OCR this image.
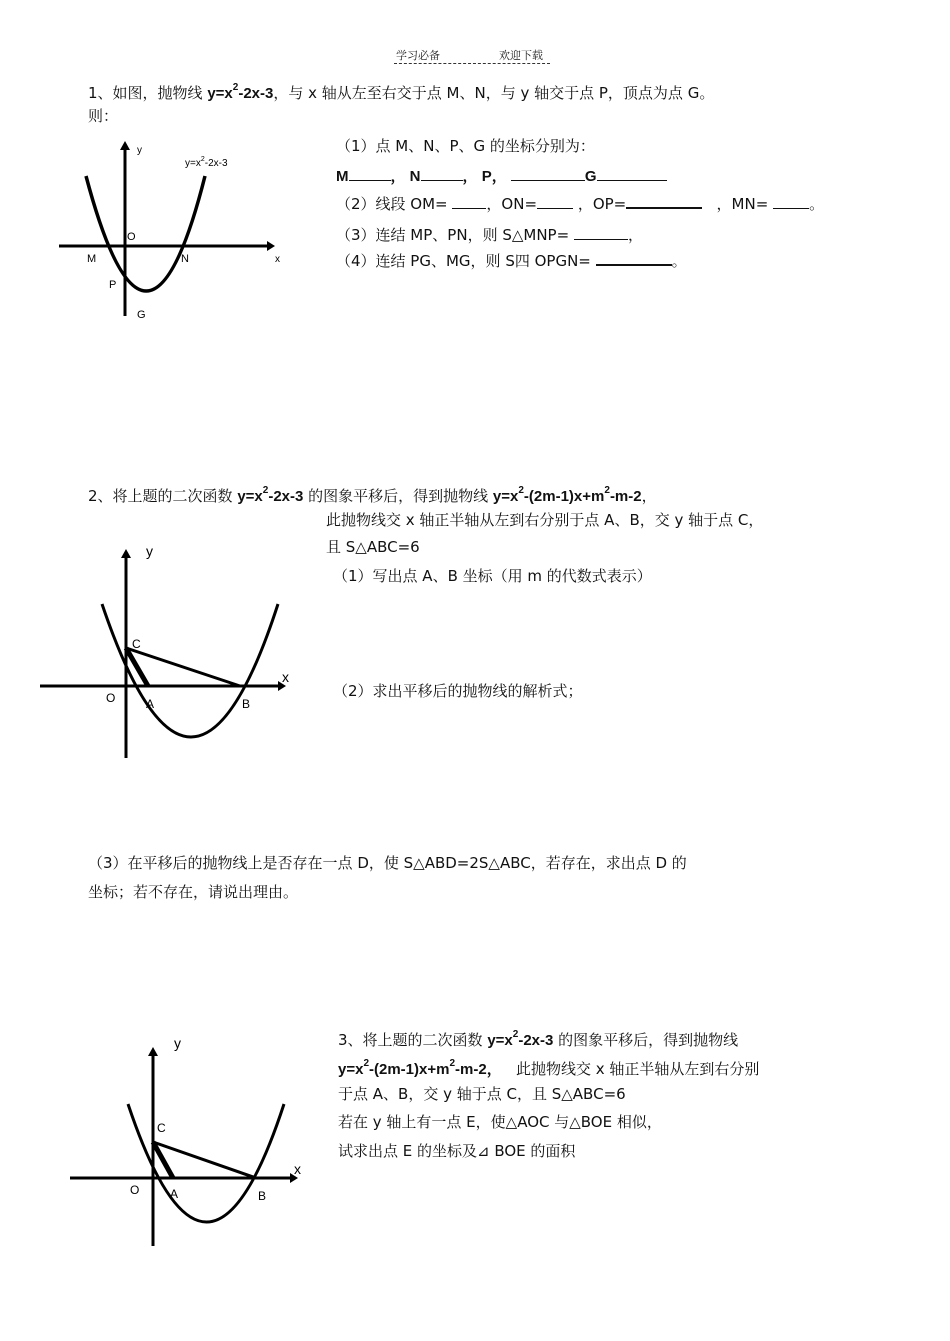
学习必备	欢迎下载
1、如图，抛物线 $y=x^2-2x-3$，与 x 轴从左至右交于点 M、N，与 y 轴交于点 P，顶点为点 G。
则：
（1）点 M、N、P、G 的坐标分别为：
M	， N	， P，	G
（2）线段 OM=	，ON=	，OP=	，MN=	。
（3）连结 MP、PN，则 S△MNP=	，
（4）连结 PG、MG，则 S四 OPGN=	。
y
x
O
M	N
P
G
$y=x^2-2x-3$
2、将上题的二次函数 $y=x^2-2x-3$ 的图象平移后，得到抛物线 $y=x^2-(2m-1)x+m^2-m-2$，
此抛物线交 x 轴正半轴从左到右分别于点 A、B，交 y 轴于点 C，
且 S△ABC=6
（1）写出点 A、B 坐标（用 m 的代数式表示）
（2）求出平移后的抛物线的解析式；
（3）在平移后的抛物线上是否存在一点 D，使 S△ABD=2S△ABC，若存在，求出点 D 的
坐标；若不存在，请说出理由。
y
x
O	A	B
C
3、将上题的二次函数 $y=x^2-2x-3$ 的图象平移后，得到抛物线
$y=x^2-(2m-1)x+m^2-m-2$， 此抛物线交 x 轴正半轴从左到右分别
于点 A、B，交 y 轴于点 C，且 S△ABC=6
若在 y 轴上有一点 E，使△AOC 与△BOE 相似，
试求出点 E 的坐标及⊿ BOE 的面积
y
x
O	A	B
C
